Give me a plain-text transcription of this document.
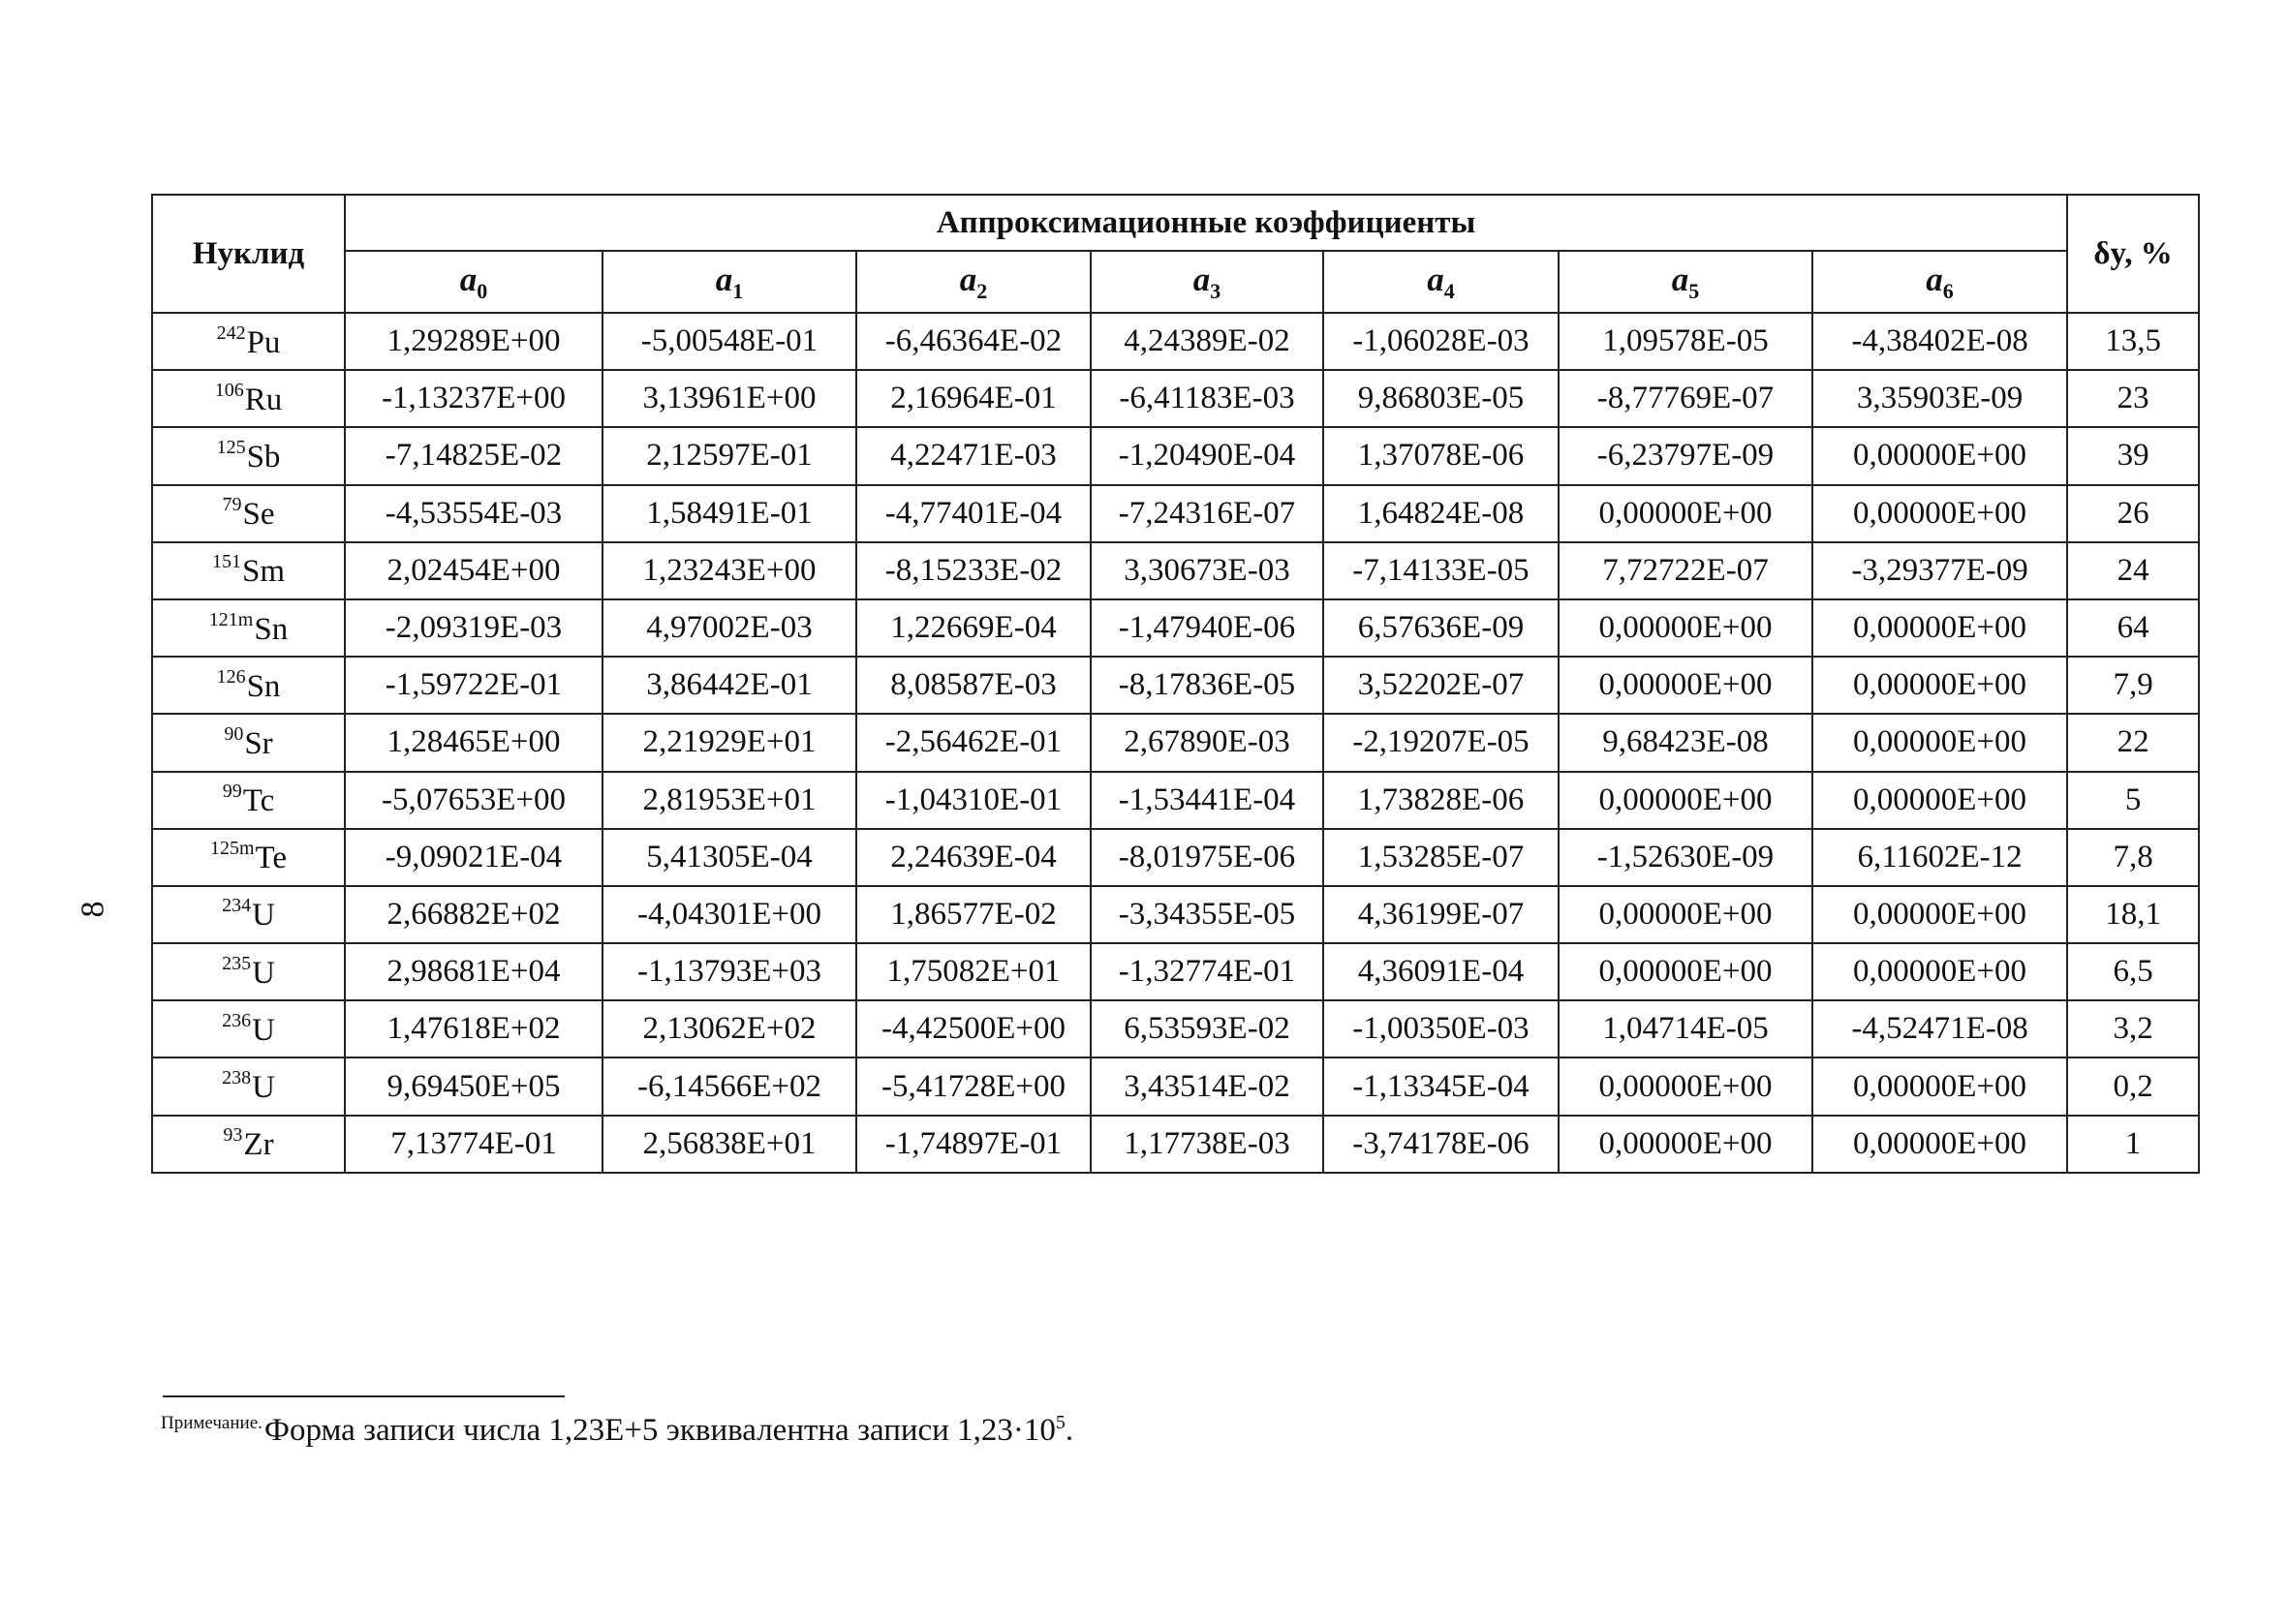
8
Нуклид	Аппроксимационные коэффициенты							δy, %
	$a_0$	$a_1$	$a_2$	$a_3$	$a_4$	$a_5$	$a_6$
$^{242}$Pu	1,29289E+00	-5,00548E-01	-6,46364E-02	4,24389E-02	-1,06028E-03	1,09578E-05	-4,38402E-08	13,5
$^{106}$Ru	-1,13237E+00	3,13961E+00	2,16964E-01	-6,41183E-03	9,86803E-05	-8,77769E-07	3,35903E-09	23
$^{125}$Sb	-7,14825E-02	2,12597E-01	4,22471E-03	-1,20490E-04	1,37078E-06	-6,23797E-09	0,00000E+00	39
$^{79}$Se	-4,53554E-03	1,58491E-01	-4,77401E-04	-7,24316E-07	1,64824E-08	0,00000E+00	0,00000E+00	26
$^{151}$Sm	2,02454E+00	1,23243E+00	-8,15233E-02	3,30673E-03	-7,14133E-05	7,72722E-07	-3,29377E-09	24
$^{121m}$Sn	-2,09319E-03	4,97002E-03	1,22669E-04	-1,47940E-06	6,57636E-09	0,00000E+00	0,00000E+00	64
$^{126}$Sn	-1,59722E-01	3,86442E-01	8,08587E-03	-8,17836E-05	3,52202E-07	0,00000E+00	0,00000E+00	7,9
$^{90}$Sr	1,28465E+00	2,21929E+01	-2,56462E-01	2,67890E-03	-2,19207E-05	9,68423E-08	0,00000E+00	22
$^{99}$Tc	-5,07653E+00	2,81953E+01	-1,04310E-01	-1,53441E-04	1,73828E-06	0,00000E+00	0,00000E+00	5
$^{125m}$Te	-9,09021E-04	5,41305E-04	2,24639E-04	-8,01975E-06	1,53285E-07	-1,52630E-09	6,11602E-12	7,8
$^{234}$U	2,66882E+02	-4,04301E+00	1,86577E-02	-3,34355E-05	4,36199E-07	0,00000E+00	0,00000E+00	18,1
$^{235}$U	2,98681E+04	-1,13793E+03	1,75082E+01	-1,32774E-01	4,36091E-04	0,00000E+00	0,00000E+00	6,5
$^{236}$U	1,47618E+02	2,13062E+02	-4,42500E+00	6,53593E-02	-1,00350E-03	1,04714E-05	-4,52471E-08	3,2
$^{238}$U	9,69450E+05	-6,14566E+02	-5,41728E+00	3,43514E-02	-1,13345E-04	0,00000E+00	0,00000E+00	0,2
$^{93}$Zr	7,13774E-01	2,56838E+01	-1,74897E-01	1,17738E-03	-3,74178E-06	0,00000E+00	0,00000E+00	1
$^{Примечание.}$Форма записи числа 1,23E+5 эквивалентна записи $1,23\cdot 10^5$.
